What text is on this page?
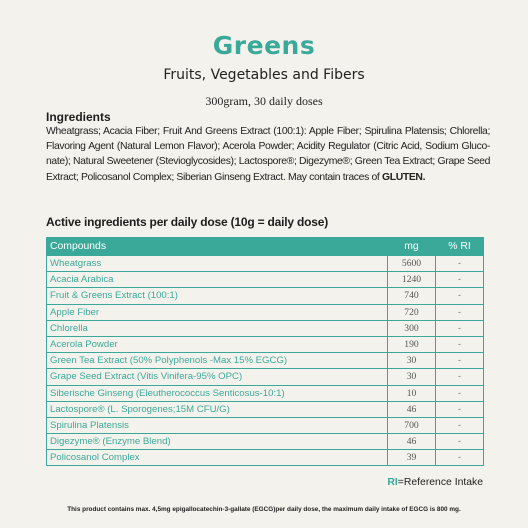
Greens
Fruits, Vegetables and Fibers
300gram, 30 daily doses
Ingredients
Wheatgrass; Acacia Fiber; Fruit And Greens Extract (100:1): Apple Fiber; Spirulina Platensis; Chlorella; Flavoring Agent (Natural Lemon Flavor); Acerola Powder; Acidity Regulator (Citric Acid, Sodium Gluco-nate); Natural Sweetener (Stevioglycosides); Lactospore®; Digezyme®; Green Tea Extract; Grape Seed Extract; Policosanol Complex; Siberian Ginseng Extract. May contain traces of GLUTEN.
Active ingredients per daily dose (10g = daily dose)
Compounds	mg	% RI
Wheatgrass	5600	-
Acacia Arabica	1240	-
Fruit & Greens Extract (100:1)	740	-
Apple Fiber	720	-
Chlorella	300	-
Acerola Powder	190	-
Green Tea Extract (50% Polyphenols -Max 15% EGCG)	30	-
Grape Seed Extract (Vitis Vinifera-95% OPC)	30	-
Siberische Ginseng (Eleutherococcus Senticosus-10:1)	10	-
Lactospore® (L. Sporogenes;15M CFU/G)	46	-
Spirulina Platensis	700	-
Digezyme® (Enzyme Blend)	46	-
Policosanol Complex	39	-
RI=Reference Intake
This product contains max. 4,5mg epigallocatechin-3-gallate (EGCG)per daily dose, the maximum daily intake of EGCG is 800 mg.
